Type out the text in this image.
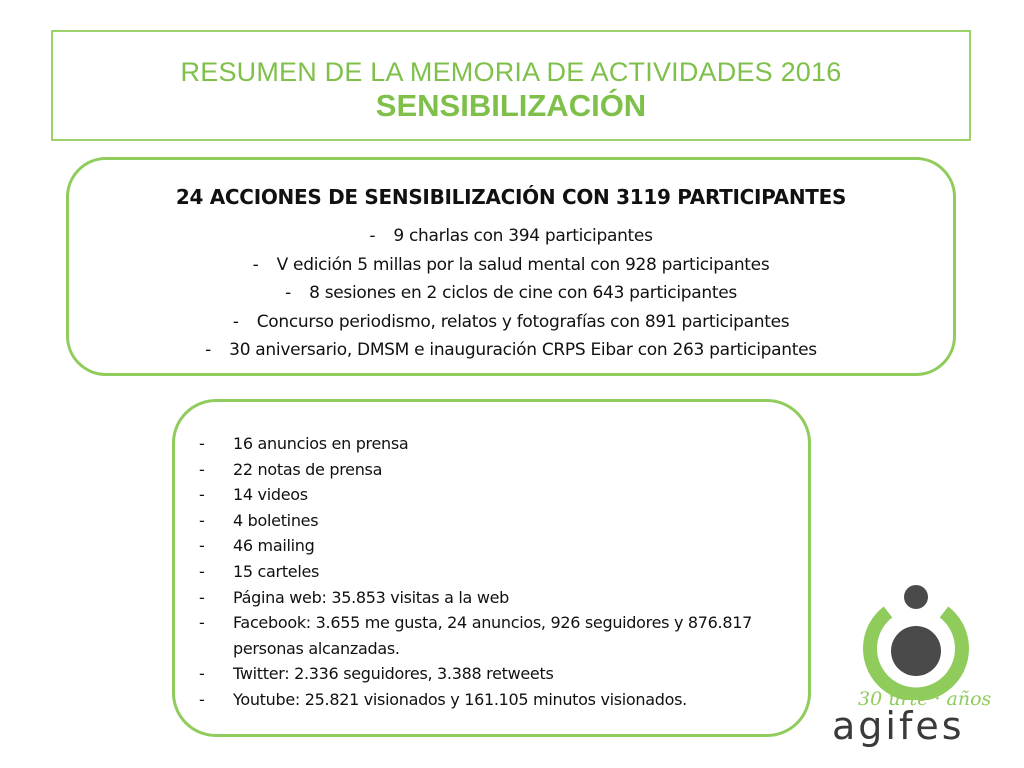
RESUMEN DE LA MEMORIA DE ACTIVIDADES 2016
SENSIBILIZACIÓN
24 ACCIONES DE SENSIBILIZACIÓN CON 3119 PARTICIPANTES
- 9 charlas con 394 participantes
- V edición 5 millas por la salud mental con 928 participantes
- 8 sesiones en 2 ciclos de cine con 643 participantes
- Concurso periodismo, relatos y fotografías con 891 participantes
- 30 aniversario, DMSM e inauguración CRPS Eibar con 263 participantes
- 16 anuncios en prensa
- 22 notas de prensa
- 14 videos
- 4 boletines
- 46 mailing
- 15 carteles
- Página web: 35.853 visitas a la web
- Facebook: 3.655 me gusta, 24 anuncios, 926 seguidores y 876.817 personas alcanzadas.
- Twitter: 2.336 seguidores, 3.388 retweets
- Youtube: 25.821 visionados y 161.105 minutos visionados.	30 urte · años
agifes
